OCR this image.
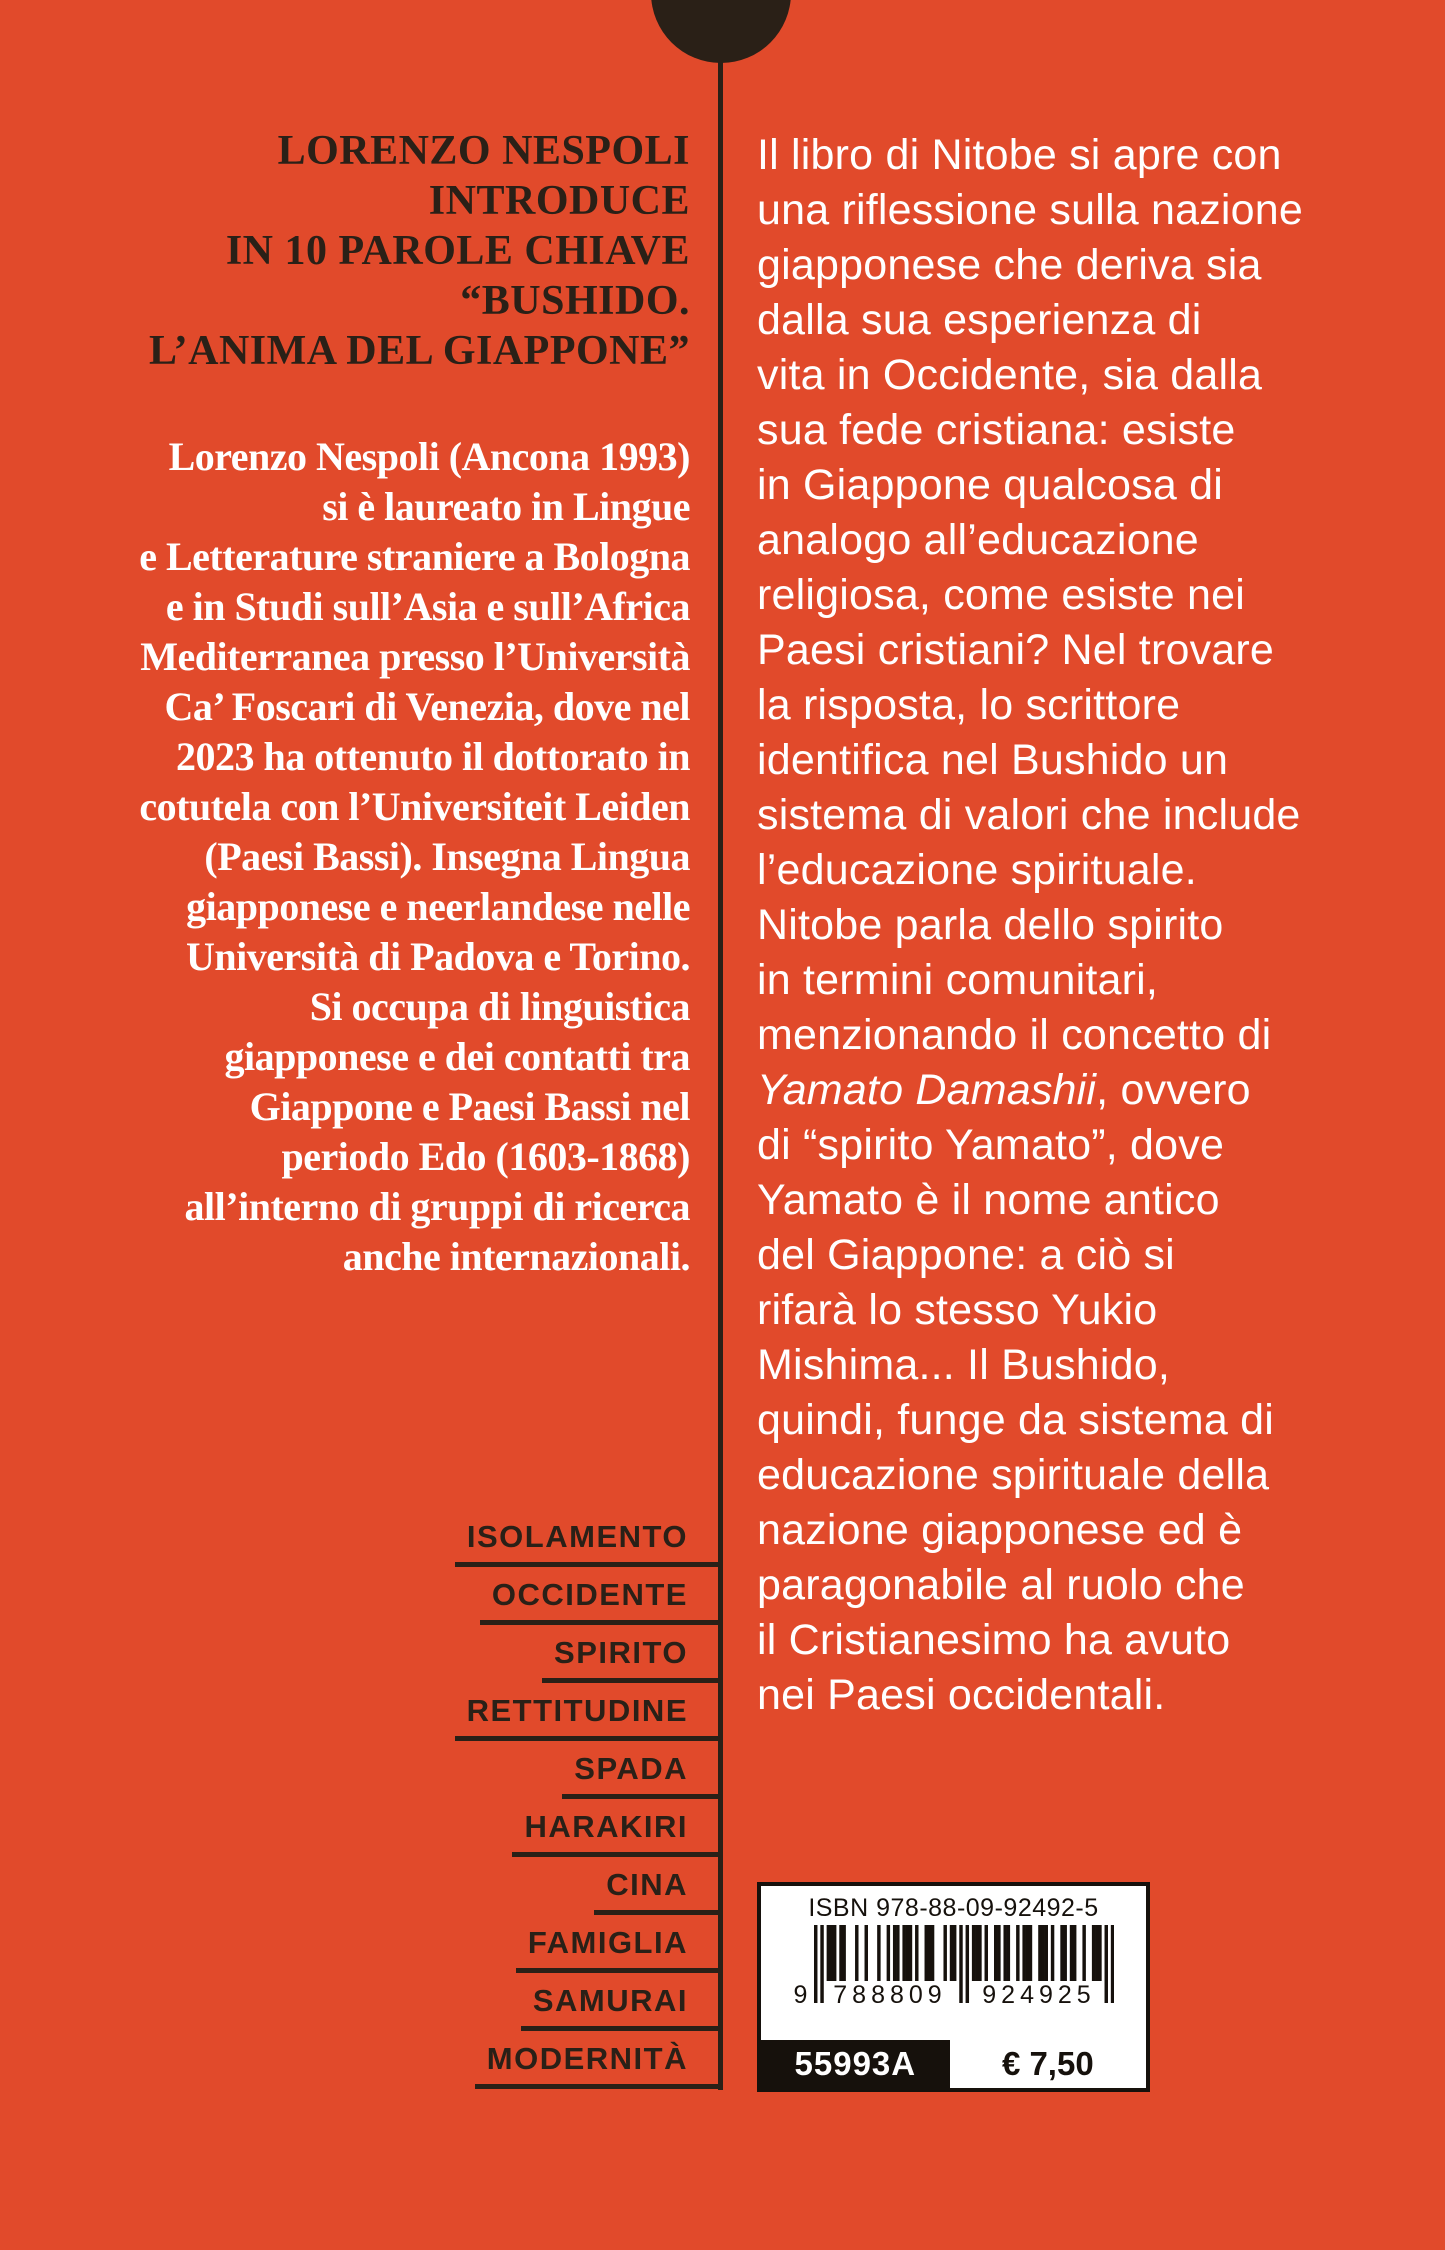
LORENZO NESPOLI
INTRODUCE
IN 10 PAROLE CHIAVE
“BUSHIDO.
L’ANIMA DEL GIAPPONE”
Lorenzo Nespoli (Ancona 1993)
si è laureato in Lingue
e Letterature straniere a Bologna
e in Studi sull’Asia e sull’Africa
Mediterranea presso l’Università
Ca’ Foscari di Venezia, dove nel
2023 ha ottenuto il dottorato in
cotutela con l’Universiteit Leiden
(Paesi Bassi). Insegna Lingua
giapponese e neerlandese nelle
Università di Padova e Torino.
Si occupa di linguistica
giapponese e dei contatti tra
Giappone e Paesi Bassi nel
periodo Edo (1603-1868)
all’interno di gruppi di ricerca
anche internazionali.
Il libro di Nitobe si apre con
una riflessione sulla nazione
giapponese che deriva sia
dalla sua esperienza di
vita in Occidente, sia dalla
sua fede cristiana: esiste
in Giappone qualcosa di
analogo all’educazione
religiosa, come esiste nei
Paesi cristiani? Nel trovare
la risposta, lo scrittore
identifica nel Bushido un
sistema di valori che include
l’educazione spirituale.
Nitobe parla dello spirito
in termini comunitari,
menzionando il concetto di
Yamato Damashii, ovvero
di “spirito Yamato”, dove
Yamato è il nome antico
del Giappone: a ciò si
rifarà lo stesso Yukio
Mishima... Il Bushido,
quindi, funge da sistema di
educazione spirituale della
nazione giapponese ed è
paragonabile al ruolo che
il Cristianesimo ha avuto
nei Paesi occidentali.
ISOLAMENTO
OCCIDENTE
SPIRITO
RETTITUDINE
SPADA
HARAKIRI
CINA
FAMIGLIA
SAMURAI
MODERNITÀ
ISBN 978-88-09-92492-5
9	788809	924925
55993A	€ 7,50
